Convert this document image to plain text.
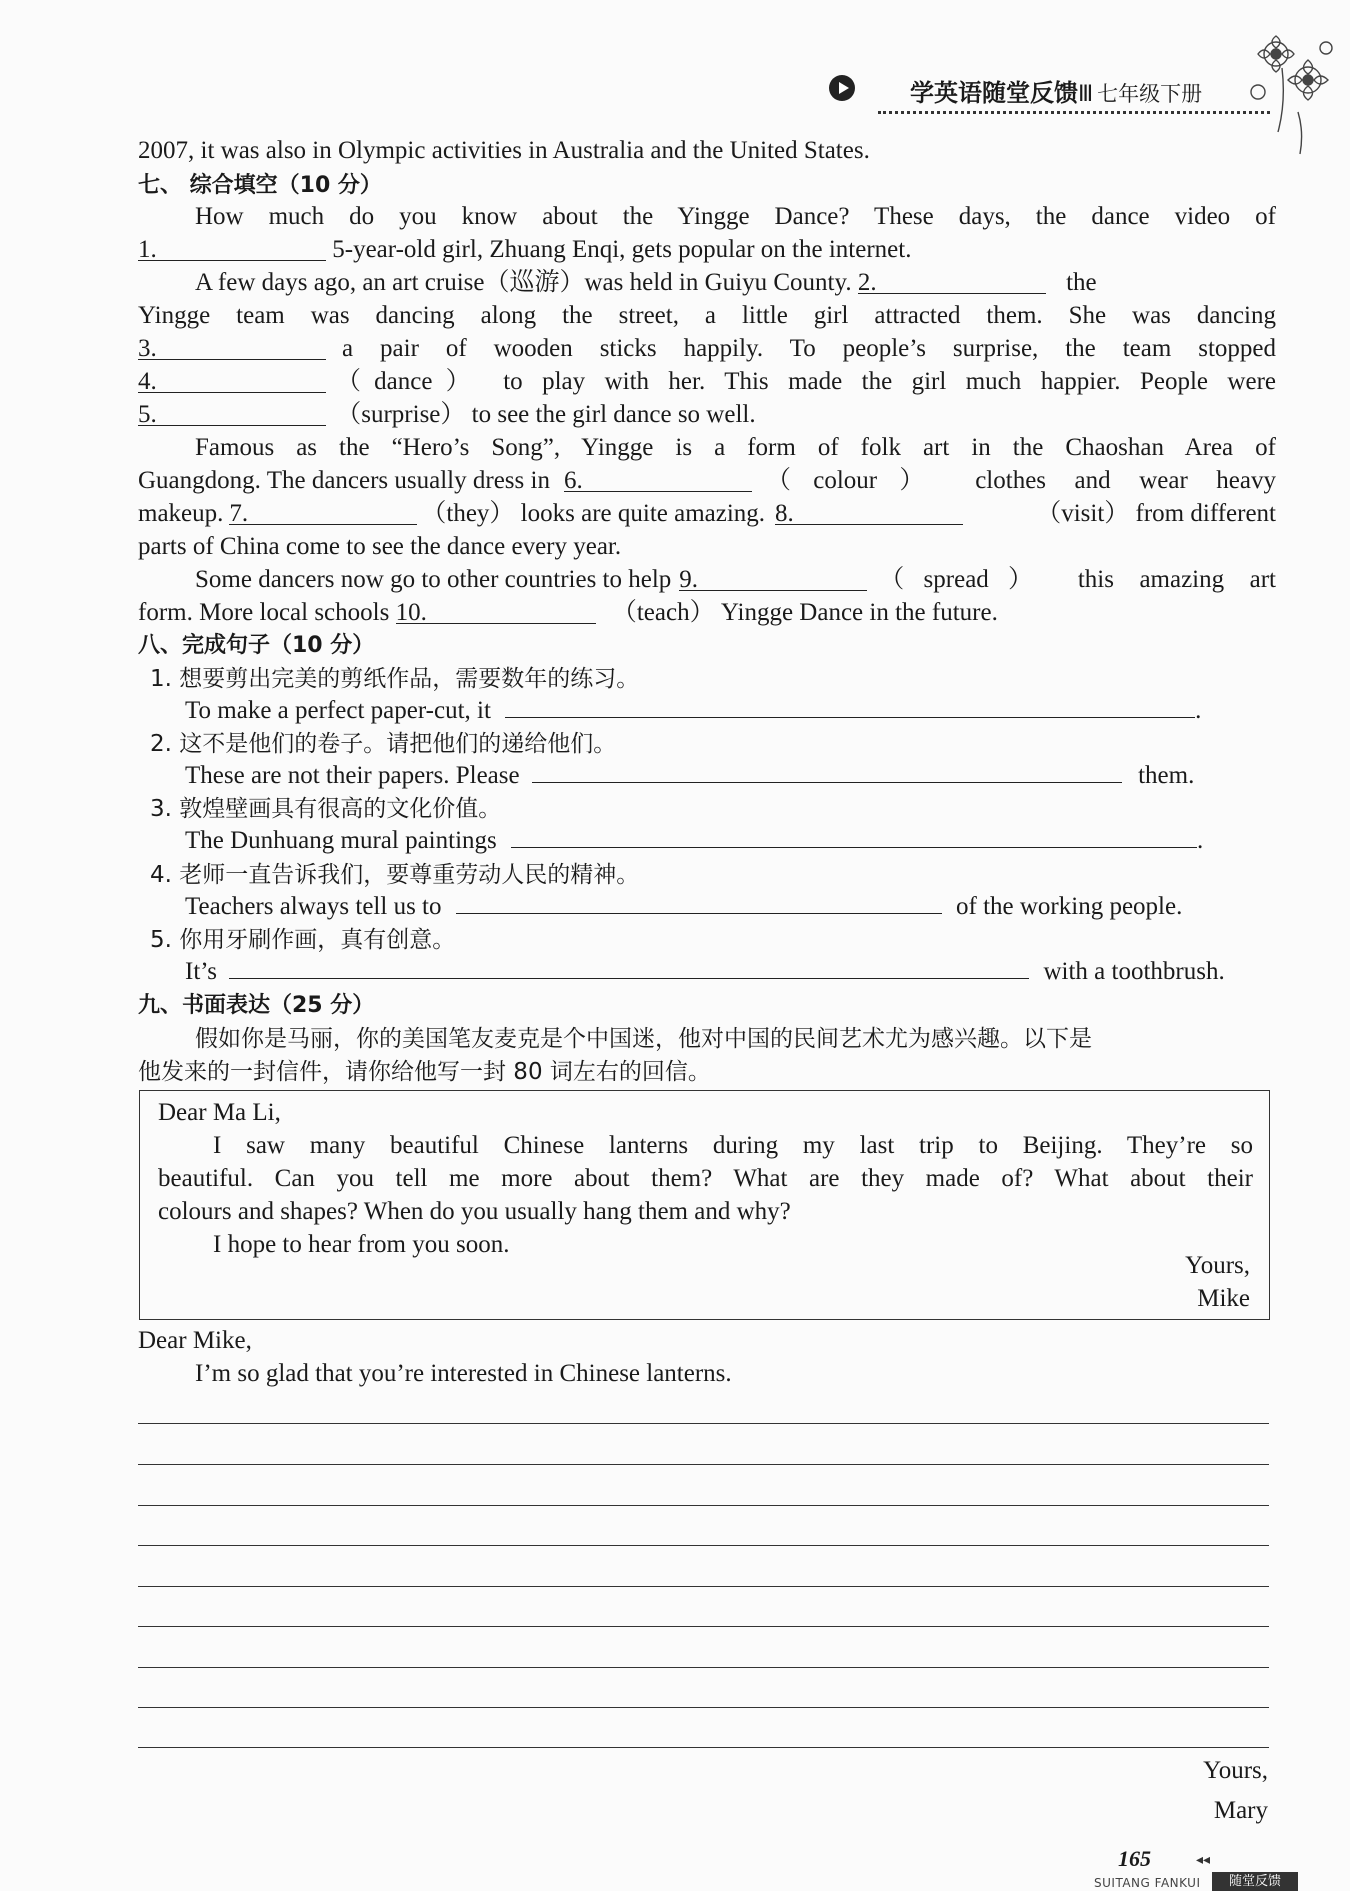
学英语随堂反馈Ⅲ 七年级下册
2007, it was also in Olympic activities in Australia and the United States.
七、 综合填空（10 分）
How much do you know about the Yingge Dance? These days, the dance video of
1.	5-year-old girl, Zhuang Enqi, gets popular on the internet.
A few days ago, an art cruise（巡游）was held in Guiyu County. 2.	the
Yingge team was dancing along the street, a little girl attracted them. She was dancing
3.	a pair of wooden sticks happily. To people’s surprise, the team stopped
4.	（dance） to play with her. This made the girl much happier. People were
5.	（surprise） to see the girl dance so well.
Famous as the “Hero’s Song”, Yingge is a form of folk art in the Chaoshan Area of
Guangdong. The dancers usually dress in 6.	（colour） clothes and wear heavy
makeup. 7.	（they） looks are quite amazing. 8.	（visit） from different
parts of China come to see the dance every year.
Some dancers now go to other countries to help 9.	（spread） this amazing art
form. More local schools 10.	（teach） Yingge Dance in the future.
八、完成句子（10 分）
1. 想要剪出完美的剪纸作品，需要数年的练习。
To make a perfect paper-cut, it	.
2. 这不是他们的卷子。请把他们的递给他们。
These are not their papers. Please	them.
3. 敦煌壁画具有很高的文化价值。
The Dunhuang mural paintings	.
4. 老师一直告诉我们，要尊重劳动人民的精神。
Teachers always tell us to	of the working people.
5. 你用牙刷作画，真有创意。
It’s	with a toothbrush.
九、书面表达（25 分）
假如你是马丽，你的美国笔友麦克是个中国迷，他对中国的民间艺术尤为感兴趣。以下是
他发来的一封信件，请你给他写一封 80 词左右的回信。
Dear Ma Li,
I saw many beautiful Chinese lanterns during my last trip to Beijing. They’re so
beautiful. Can you tell me more about them? What are they made of? What about their
colours and shapes? When do you usually hang them and why?
I hope to hear from you soon.
Yours,
Mike
Dear Mike,
I’m so glad that you’re interested in Chinese lanterns.
Yours,
Mary
165	◂◂
SUITANG FANKUI	随堂反馈
